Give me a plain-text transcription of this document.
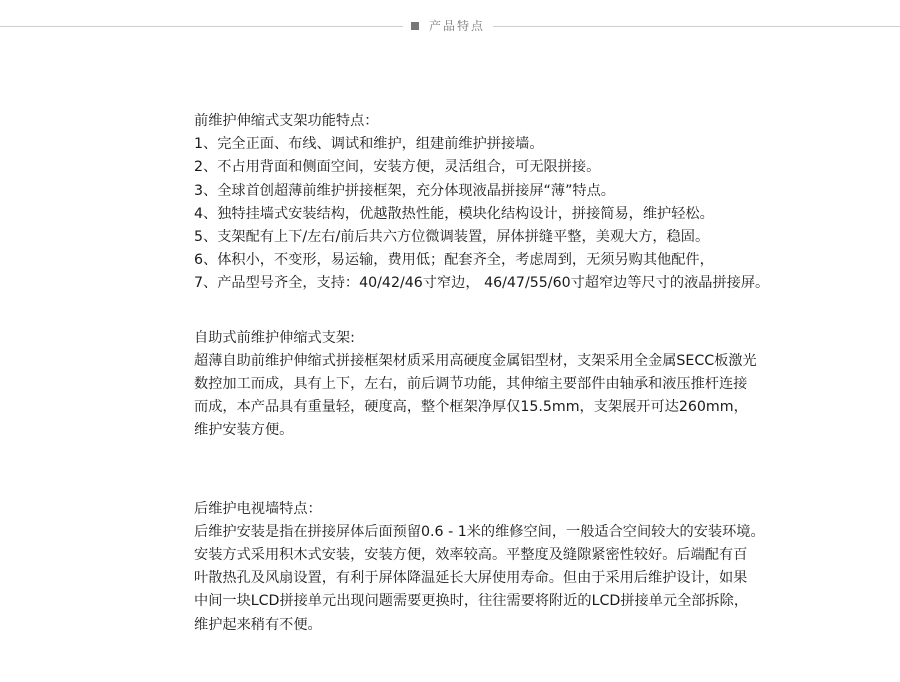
产品特点

前维护伸缩式支架功能特点：

1、完全正面、布线、调试和维护，组建前维护拼接墙。

2、不占用背面和侧面空间，安装方便，灵活组合，可无限拼接。

3、全球首创超薄前维护拼接框架，充分体现液晶拼接屏“薄”特点。

4、独特挂墙式安装结构，优越散热性能，模块化结构设计，拼接简易，维护轻松。

5、支架配有上下/左右/前后共六方位微调装置，屏体拼缝平整，美观大方，稳固。

6、体积小，不变形，易运输，费用低；配套齐全，考虑周到，无须另购其他配件，

7、产品型号齐全，支持：40/42/46寸窄边， 46/47/55/60寸超窄边等尺寸的液晶拼接屏。

自助式前维护伸缩式支架:

超薄自助前维护伸缩式拼接框架材质采用高硬度金属铝型材，支架采用全金属SECC板激光

数控加工而成，具有上下，左右，前后调节功能，其伸缩主要部件由轴承和液压推杆连接

而成，本产品具有重量轻，硬度高，整个框架净厚仅15.5mm，支架展开可达260mm，

维护安装方便。

后维护电视墙特点：

后维护安装是指在拼接屏体后面预留0.6 - 1米的维修空间，一般适合空间较大的安装环境。

安装方式采用积木式安装，安装方便，效率较高。平整度及缝隙紧密性较好。后端配有百

叶散热孔及风扇设置，有利于屏体降温延长大屏使用寿命。但由于采用后维护设计，如果

中间一块LCD拼接单元出现问题需要更换时，往往需要将附近的LCD拼接单元全部拆除，

维护起来稍有不便。
